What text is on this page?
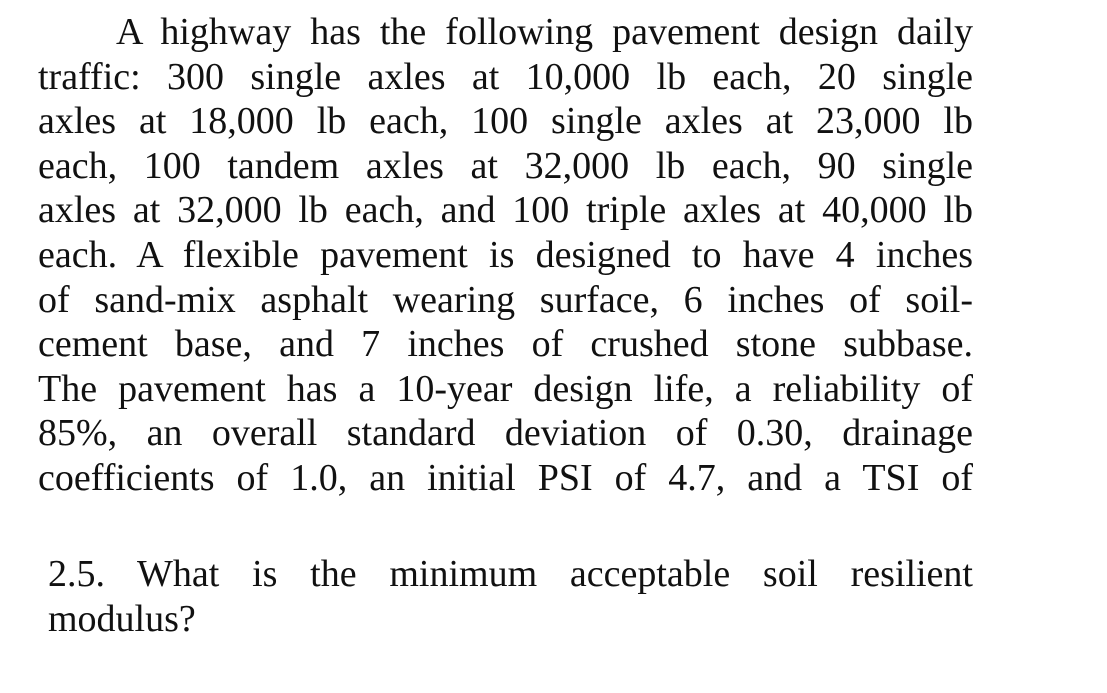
A highway has the following pavement design daily
traffic: 300 single axles at 10,000 lb each, 20 single
axles at 18,000 lb each, 100 single axles at 23,000 lb
each, 100 tandem axles at 32,000 lb each, 90 single
axles at 32,000 lb each, and 100 triple axles at 40,000 lb
each. A flexible pavement is designed to have 4 inches
of sand-mix asphalt wearing surface, 6 inches of soil-
cement base, and 7 inches of crushed stone subbase.
The pavement has a 10-year design life, a reliability of
85%, an overall standard deviation of 0.30, drainage
coefficients of 1.0, an initial PSI of 4.7, and a TSI of
2.5. What is the minimum acceptable soil resilient
modulus?
